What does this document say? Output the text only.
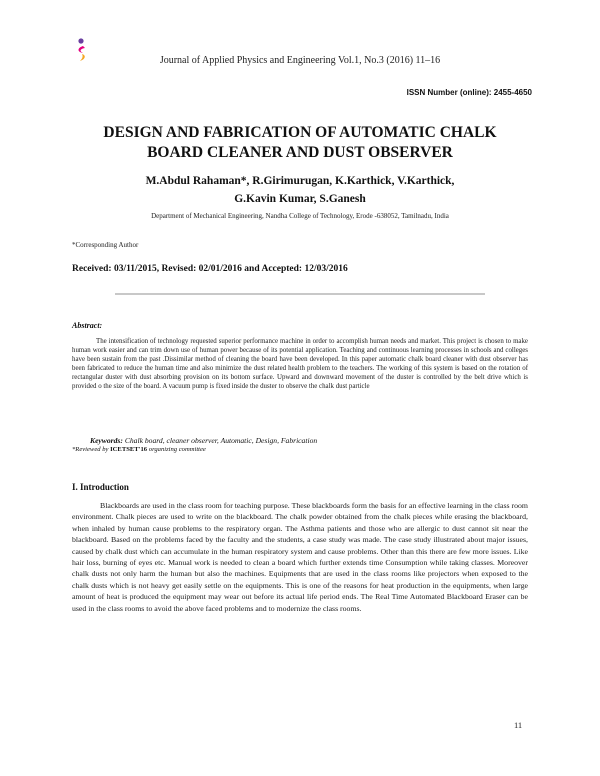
Journal of Applied Physics and Engineering Vol.1, No.3 (2016) 11–16
ISSN Number (online): 2455-4650
DESIGN AND FABRICATION OF AUTOMATIC CHALK
BOARD CLEANER AND DUST OBSERVER
M.Abdul Rahaman*, R.Girimurugan, K.Karthick, V.Karthick,
G.Kavin Kumar, S.Ganesh
Department of Mechanical Engineering, Nandha College of Technology, Erode -638052, Tamilnadu, India
*Corresponding Author
Received: 03/11/2015, Revised: 02/01/2016 and Accepted: 12/03/2016
Abstract:

The intensification of technology requested superior performance machine in order to accomplish human needs and market. This project is chosen to make human work easier and can trim down use of human power because of its potential application. Teaching and continuous learning processes in schools and colleges have been sustain from the past .Dissimilar method of cleaning the board have been developed. In this paper automatic chalk board cleaner with dust observer has been fabricated to reduce the human time and also minimize the dust related health problem to the teachers. The working of this system is based on the rotation of rectangular duster with dust absorbing provision on its bottom surface. Upward and downward movement of the duster is controlled by the belt drive which is provided o the size of the board. A vacuum pump is fixed inside the duster to observe the chalk dust particle

Keywords: Chalk board, cleaner observer, Automatic, Design, Fabrication
*Reviewed by ICETSET'16 organizing committee
I. Introduction

Blackboards are used in the class room for teaching purpose. These blackboards form the basis for an effective learning in the class room environment. Chalk pieces are used to write on the blackboard. The chalk powder obtained from the chalk pieces while erasing the blackboard, when inhaled by human cause problems to the respiratory organ. The Asthma patients and those who are allergic to dust cannot sit near the blackboard. Based on the problems faced by the faculty and the students, a case study was made. The case study illustrated about major issues, caused by chalk dust which can accumulate in the human respiratory system and cause problems. Other than this there are few more issues. Like hair loss, burning of eyes etc. Manual work is needed to clean a board which further extends time Consumption while taking classes. Moreover chalk dusts not only harm the human but also the machines. Equipments that are used in the class rooms like projectors when exposed to the chalk dusts which is not heavy get easily settle on the equipments. This is one of the reasons for heat production in the equipments, when large amount of heat is produced the equipment may wear out before its actual life period ends. The Real Time Automated Blackboard Eraser can be used in the class rooms to avoid the above faced problems and to modernize the class rooms.

11
